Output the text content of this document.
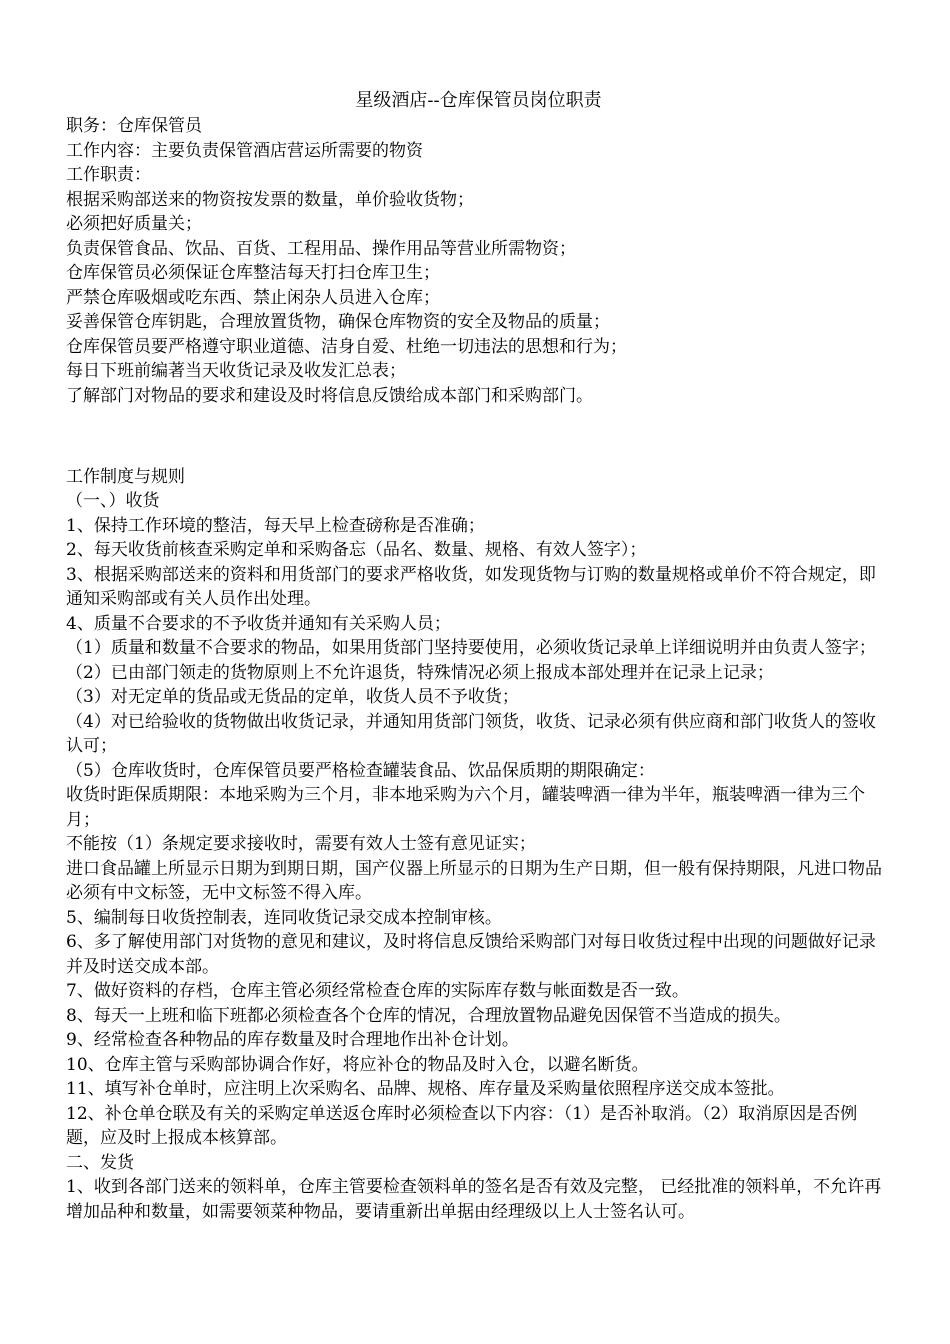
星级酒店--仓库保管员岗位职责

职务：仓库保管员

工作内容：主要负责保管酒店营运所需要的物资

工作职责：

根据采购部送来的物资按发票的数量，单价验收货物；

必须把好质量关；

负责保管食品、饮品、百货、工程用品、操作用品等营业所需物资；

仓库保管员必须保证仓库整洁每天打扫仓库卫生；

严禁仓库吸烟或吃东西、禁止闲杂人员进入仓库；

妥善保管仓库钥匙，合理放置货物，确保仓库物资的安全及物品的质量；

仓库保管员要严格遵守职业道德、洁身自爱、杜绝一切违法的思想和行为；

每日下班前编著当天收货记录及收发汇总表；

了解部门对物品的要求和建设及时将信息反馈给成本部门和采购部门。

工作制度与规则

（一、）收货

1、保持工作环境的整洁，每天早上检查磅称是否准确；

2、每天收货前核查采购定单和采购备忘（品名、数量、规格、有效人签字）；

3、根据采购部送来的资料和用货部门的要求严格收货，如发现货物与订购的数量规格或单价不符合规定，即通知采购部或有关人员作出处理。

4、质量不合要求的不予收货并通知有关采购人员；

（1）质量和数量不合要求的物品，如果用货部门坚持要使用，必须收货记录单上详细说明并由负责人签字；

（2）已由部门领走的货物原则上不允许退货，特殊情况必须上报成本部处理并在记录上记录；

（3）对无定单的货品或无货品的定单，收货人员不予收货；

（4）对已给验收的货物做出收货记录，并通知用货部门领货，收货、记录必须有供应商和部门收货人的签收认可；

（5）仓库收货时，仓库保管员要严格检查罐装食品、饮品保质期的期限确定：

收货时距保质期限：本地采购为三个月，非本地采购为六个月，罐装啤酒一律为半年，瓶装啤酒一律为三个月；

不能按（1）条规定要求接收时，需要有效人士签有意见证实；

进口食品罐上所显示日期为到期日期，国产仪器上所显示的日期为生产日期，但一般有保持期限，凡进口物品必须有中文标签，无中文标签不得入库。

5、编制每日收货控制表，连同收货记录交成本控制审核。

6、多了解使用部门对货物的意见和建议，及时将信息反馈给采购部门对每日收货过程中出现的问题做好记录并及时送交成本部。

7、做好资料的存档，仓库主管必须经常检查仓库的实际库存数与帐面数是否一致。

8、每天一上班和临下班都必须检查各个仓库的情况，合理放置物品避免因保管不当造成的损失。

9、经常检查各种物品的库存数量及时合理地作出补仓计划。

10、仓库主管与采购部协调合作好，将应补仓的物品及时入仓，以避名断货。

11、填写补仓单时，应注明上次采购名、品牌、规格、库存量及采购量依照程序送交成本签批。

12、补仓单仓联及有关的采购定单送返仓库时必须检查以下内容：（1）是否补取消。（2）取消原因是否例题，应及时上报成本核算部。

二、发货

1、收到各部门送来的领料单，仓库主管要检查领料单的签名是否有效及完整， 已经批准的领料单，不允许再增加品种和数量，如需要领菜种物品，要请重新出单据由经理级以上人士签名认可。
